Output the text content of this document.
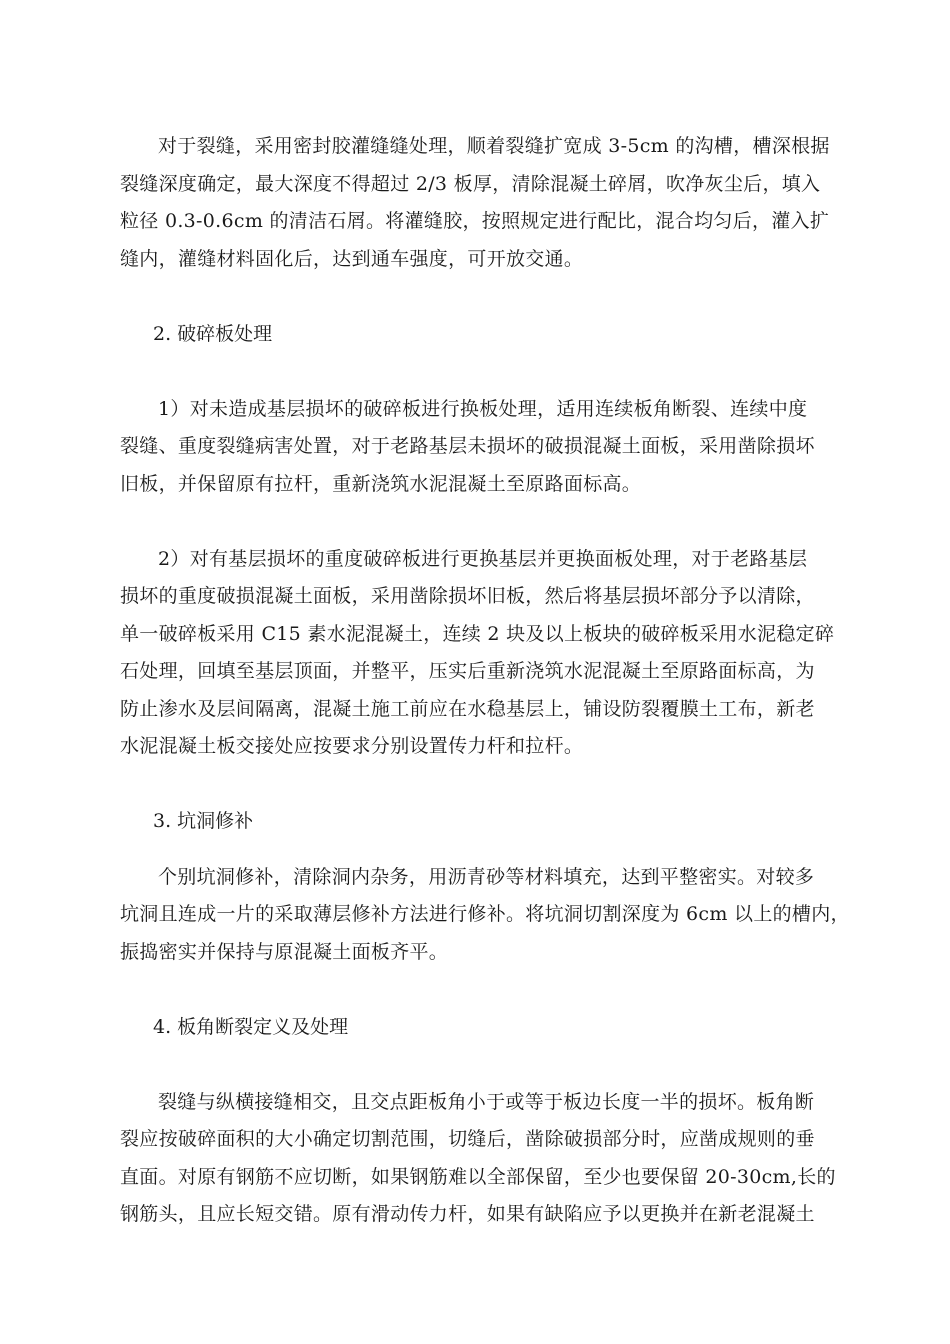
对于裂缝，采用密封胶灌缝缝处理，顺着裂缝扩宽成 3-5cm 的沟槽，槽深根据
裂缝深度确定，最大深度不得超过 2/3 板厚，清除混凝土碎屑，吹净灰尘后，填入
粒径 0.3-0.6cm 的清洁石屑。将灌缝胶，按照规定进行配比，混合均匀后，灌入扩
缝内，灌缝材料固化后，达到通车强度，可开放交通。

2. 破碎板处理

1）对未造成基层损坏的破碎板进行换板处理，适用连续板角断裂、连续中度
裂缝、重度裂缝病害处置，对于老路基层未损坏的破损混凝土面板，采用凿除损坏
旧板，并保留原有拉杆，重新浇筑水泥混凝土至原路面标高。

2）对有基层损坏的重度破碎板进行更换基层并更换面板处理，对于老路基层
损坏的重度破损混凝土面板，采用凿除损坏旧板，然后将基层损坏部分予以清除，
单一破碎板采用 C15 素水泥混凝土，连续 2 块及以上板块的破碎板采用水泥稳定碎
石处理，回填至基层顶面，并整平，压实后重新浇筑水泥混凝土至原路面标高，为
防止渗水及层间隔离，混凝土施工前应在水稳基层上，铺设防裂覆膜土工布，新老
水泥混凝土板交接处应按要求分别设置传力杆和拉杆。

3. 坑洞修补

个别坑洞修补，清除洞内杂务，用沥青砂等材料填充，达到平整密实。对较多
坑洞且连成一片的采取薄层修补方法进行修补。将坑洞切割深度为 6cm 以上的槽内，
振捣密实并保持与原混凝土面板齐平。

4. 板角断裂定义及处理

裂缝与纵横接缝相交，且交点距板角小于或等于板边长度一半的损坏。板角断
裂应按破碎面积的大小确定切割范围，切缝后，凿除破损部分时，应凿成规则的垂
直面。对原有钢筋不应切断，如果钢筋难以全部保留，至少也要保留 20-30cm,长的
钢筋头，且应长短交错。原有滑动传力杆，如果有缺陷应予以更换并在新老混凝土
